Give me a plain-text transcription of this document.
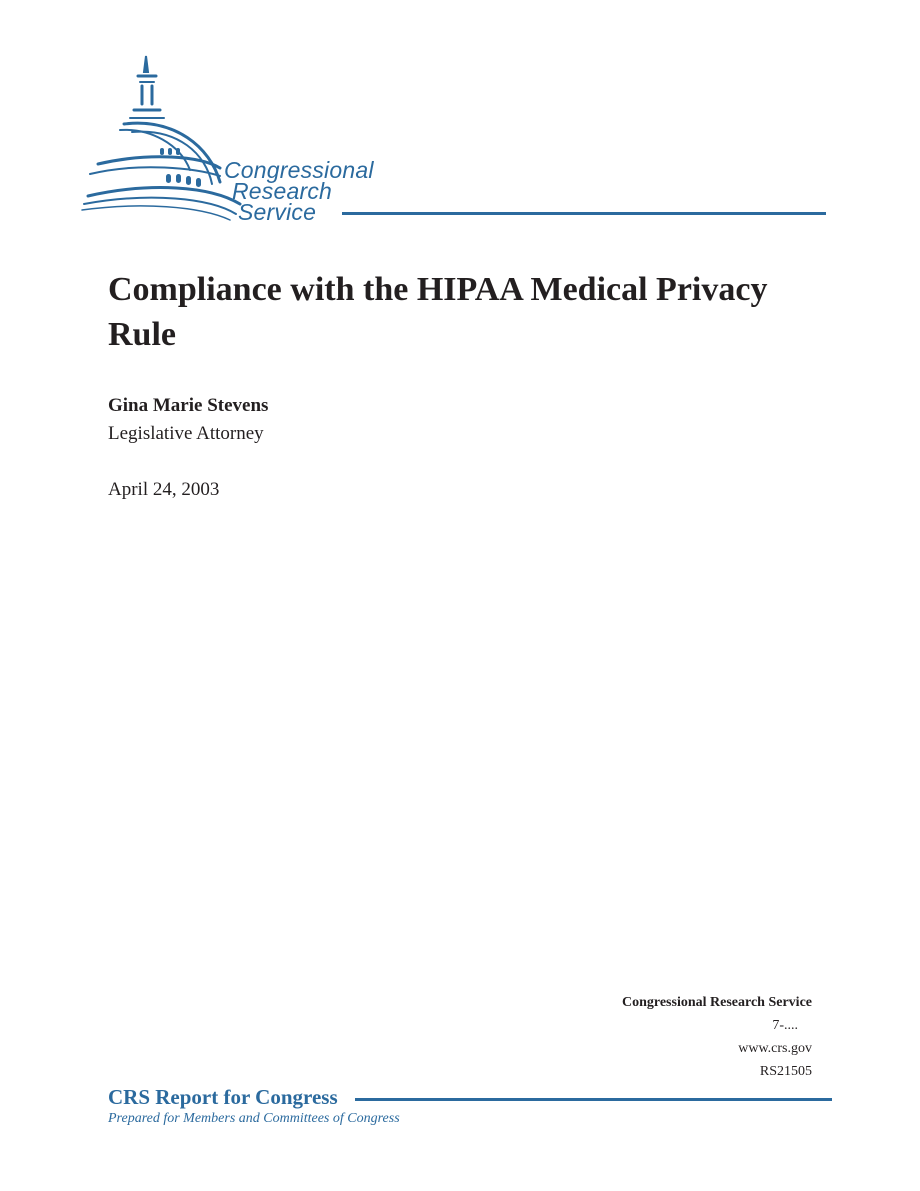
Congressional
Research
Service
Compliance with the HIPAA Medical Privacy Rule
Gina Marie Stevens
Legislative Attorney
April 24, 2003
Congressional Research Service
7-....
www.crs.gov
RS21505
CRS Report for Congress
Prepared for Members and Committees of Congress
